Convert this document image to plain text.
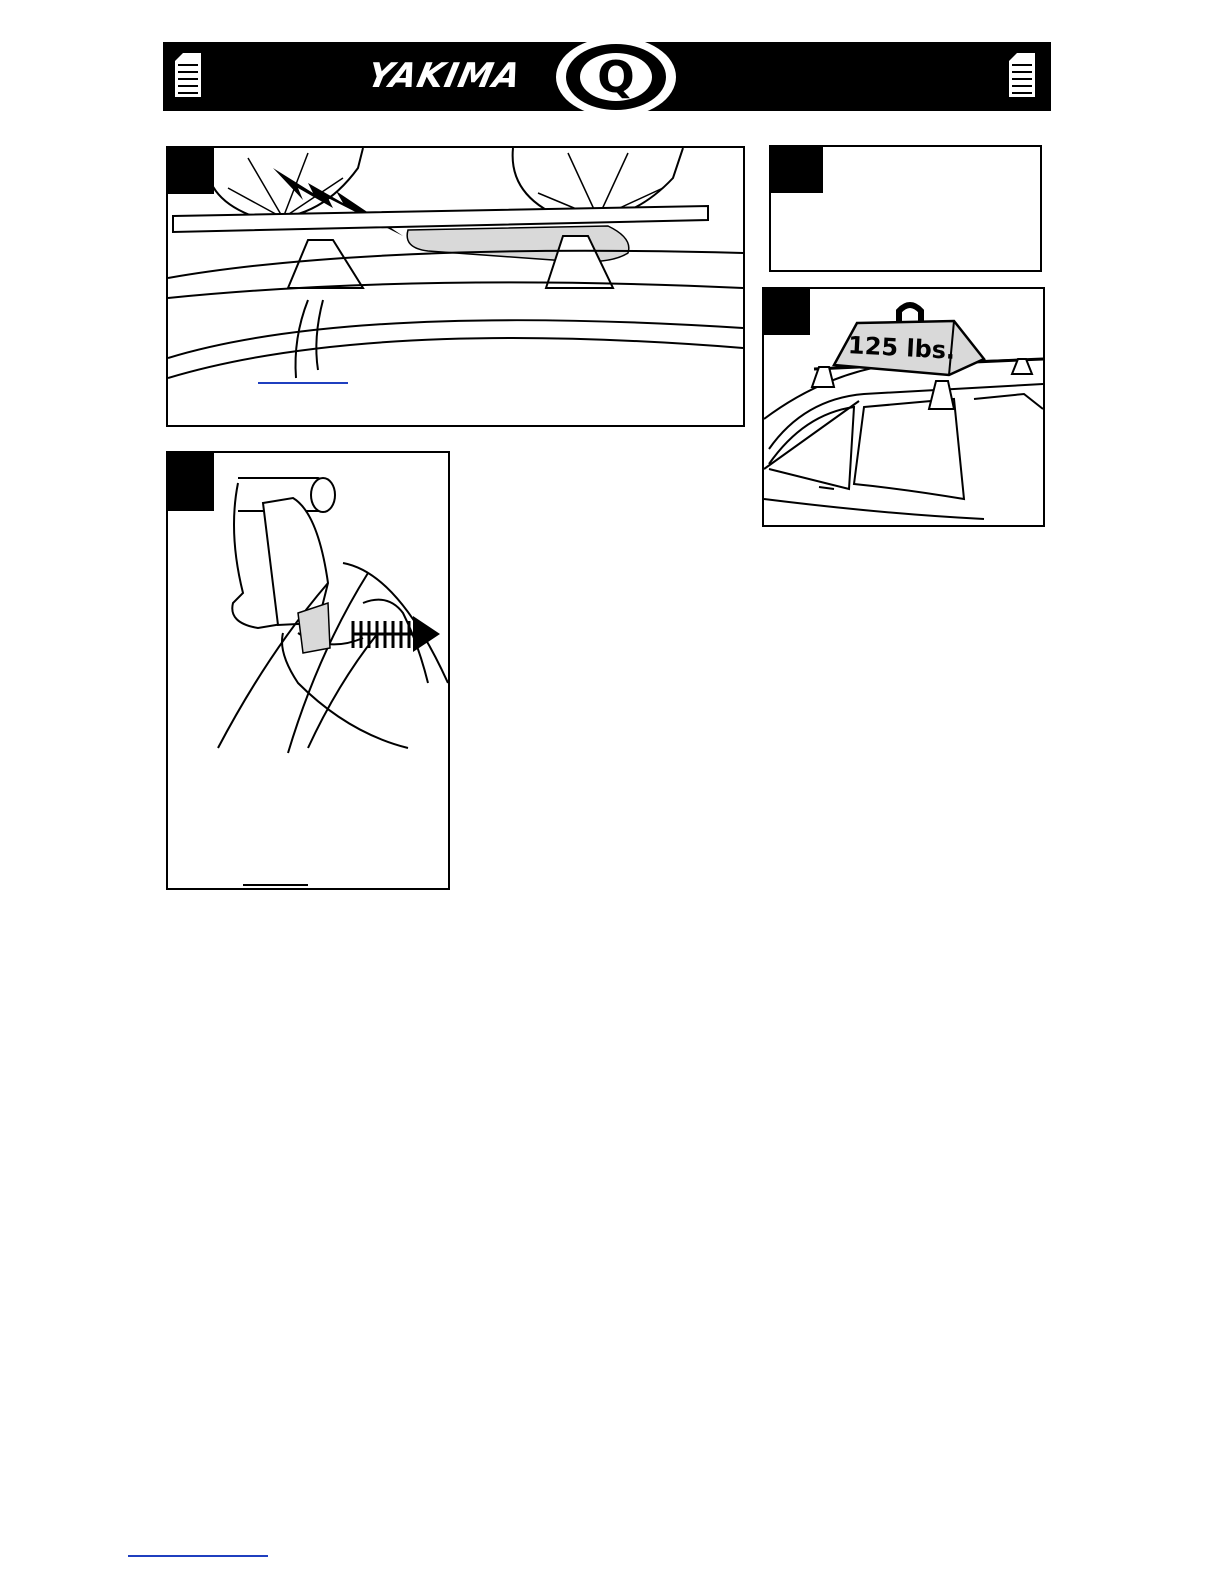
YAKIMA	Q
125 lbs.
